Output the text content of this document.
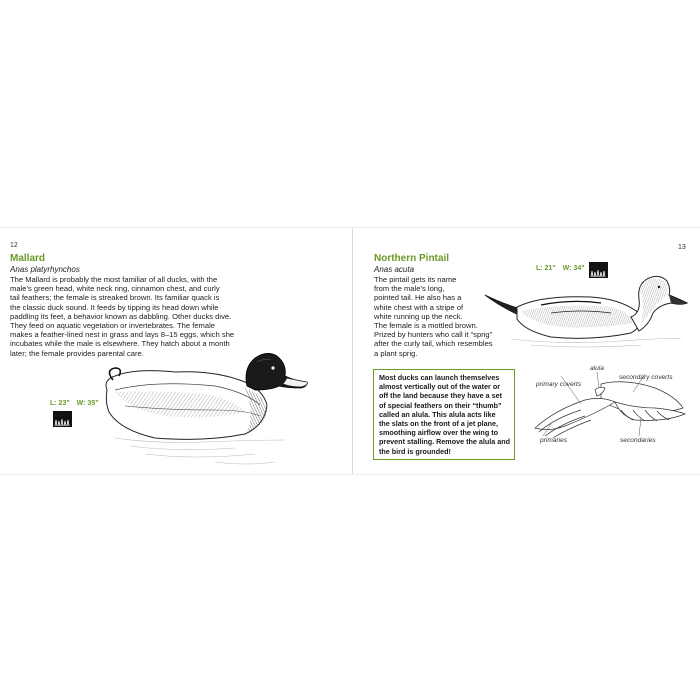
12
Mallard
Anas platyrhynchos
The Mallard is probably the most familiar of all ducks, with the
male’s green head, white neck ring, cinnamon chest, and curly
tail feathers; the female is streaked brown. Its familiar quack is
the classic duck sound. It feeds by tipping its head down while
paddling its feet, a behavior known as dabbling. Other ducks dive.
They feed on aquatic vegetation or invertebrates. The female
makes a feather-lined nest in grass and lays 8–15 eggs, which she
incubates while the male is elsewhere. They hatch about a month
later; the female provides parental care.
L: 23" W: 35"
· · · ·
13
Northern Pintail
Anas acuta
The pintail gets its name
from the male’s long,
pointed tail. He also has a
white chest with a stripe of
white running up the neck.
The female is a mottled brown.
Prized by hunters who call it “sprig”
after the curly tail, which resembles
a plant sprig.
L: 21" W: 34" · · · ·
alula
primary coverts
secondary coverts
primaries	secondaries
Most ducks can launch themselves
almost vertically out of the water or
off the land because they have a set
of special feathers on their “thumb”
called an alula. This alula acts like
the slats on the front of a jet plane,
smoothing airflow over the wing to
prevent stalling. Remove the alula and
the bird is grounded!
